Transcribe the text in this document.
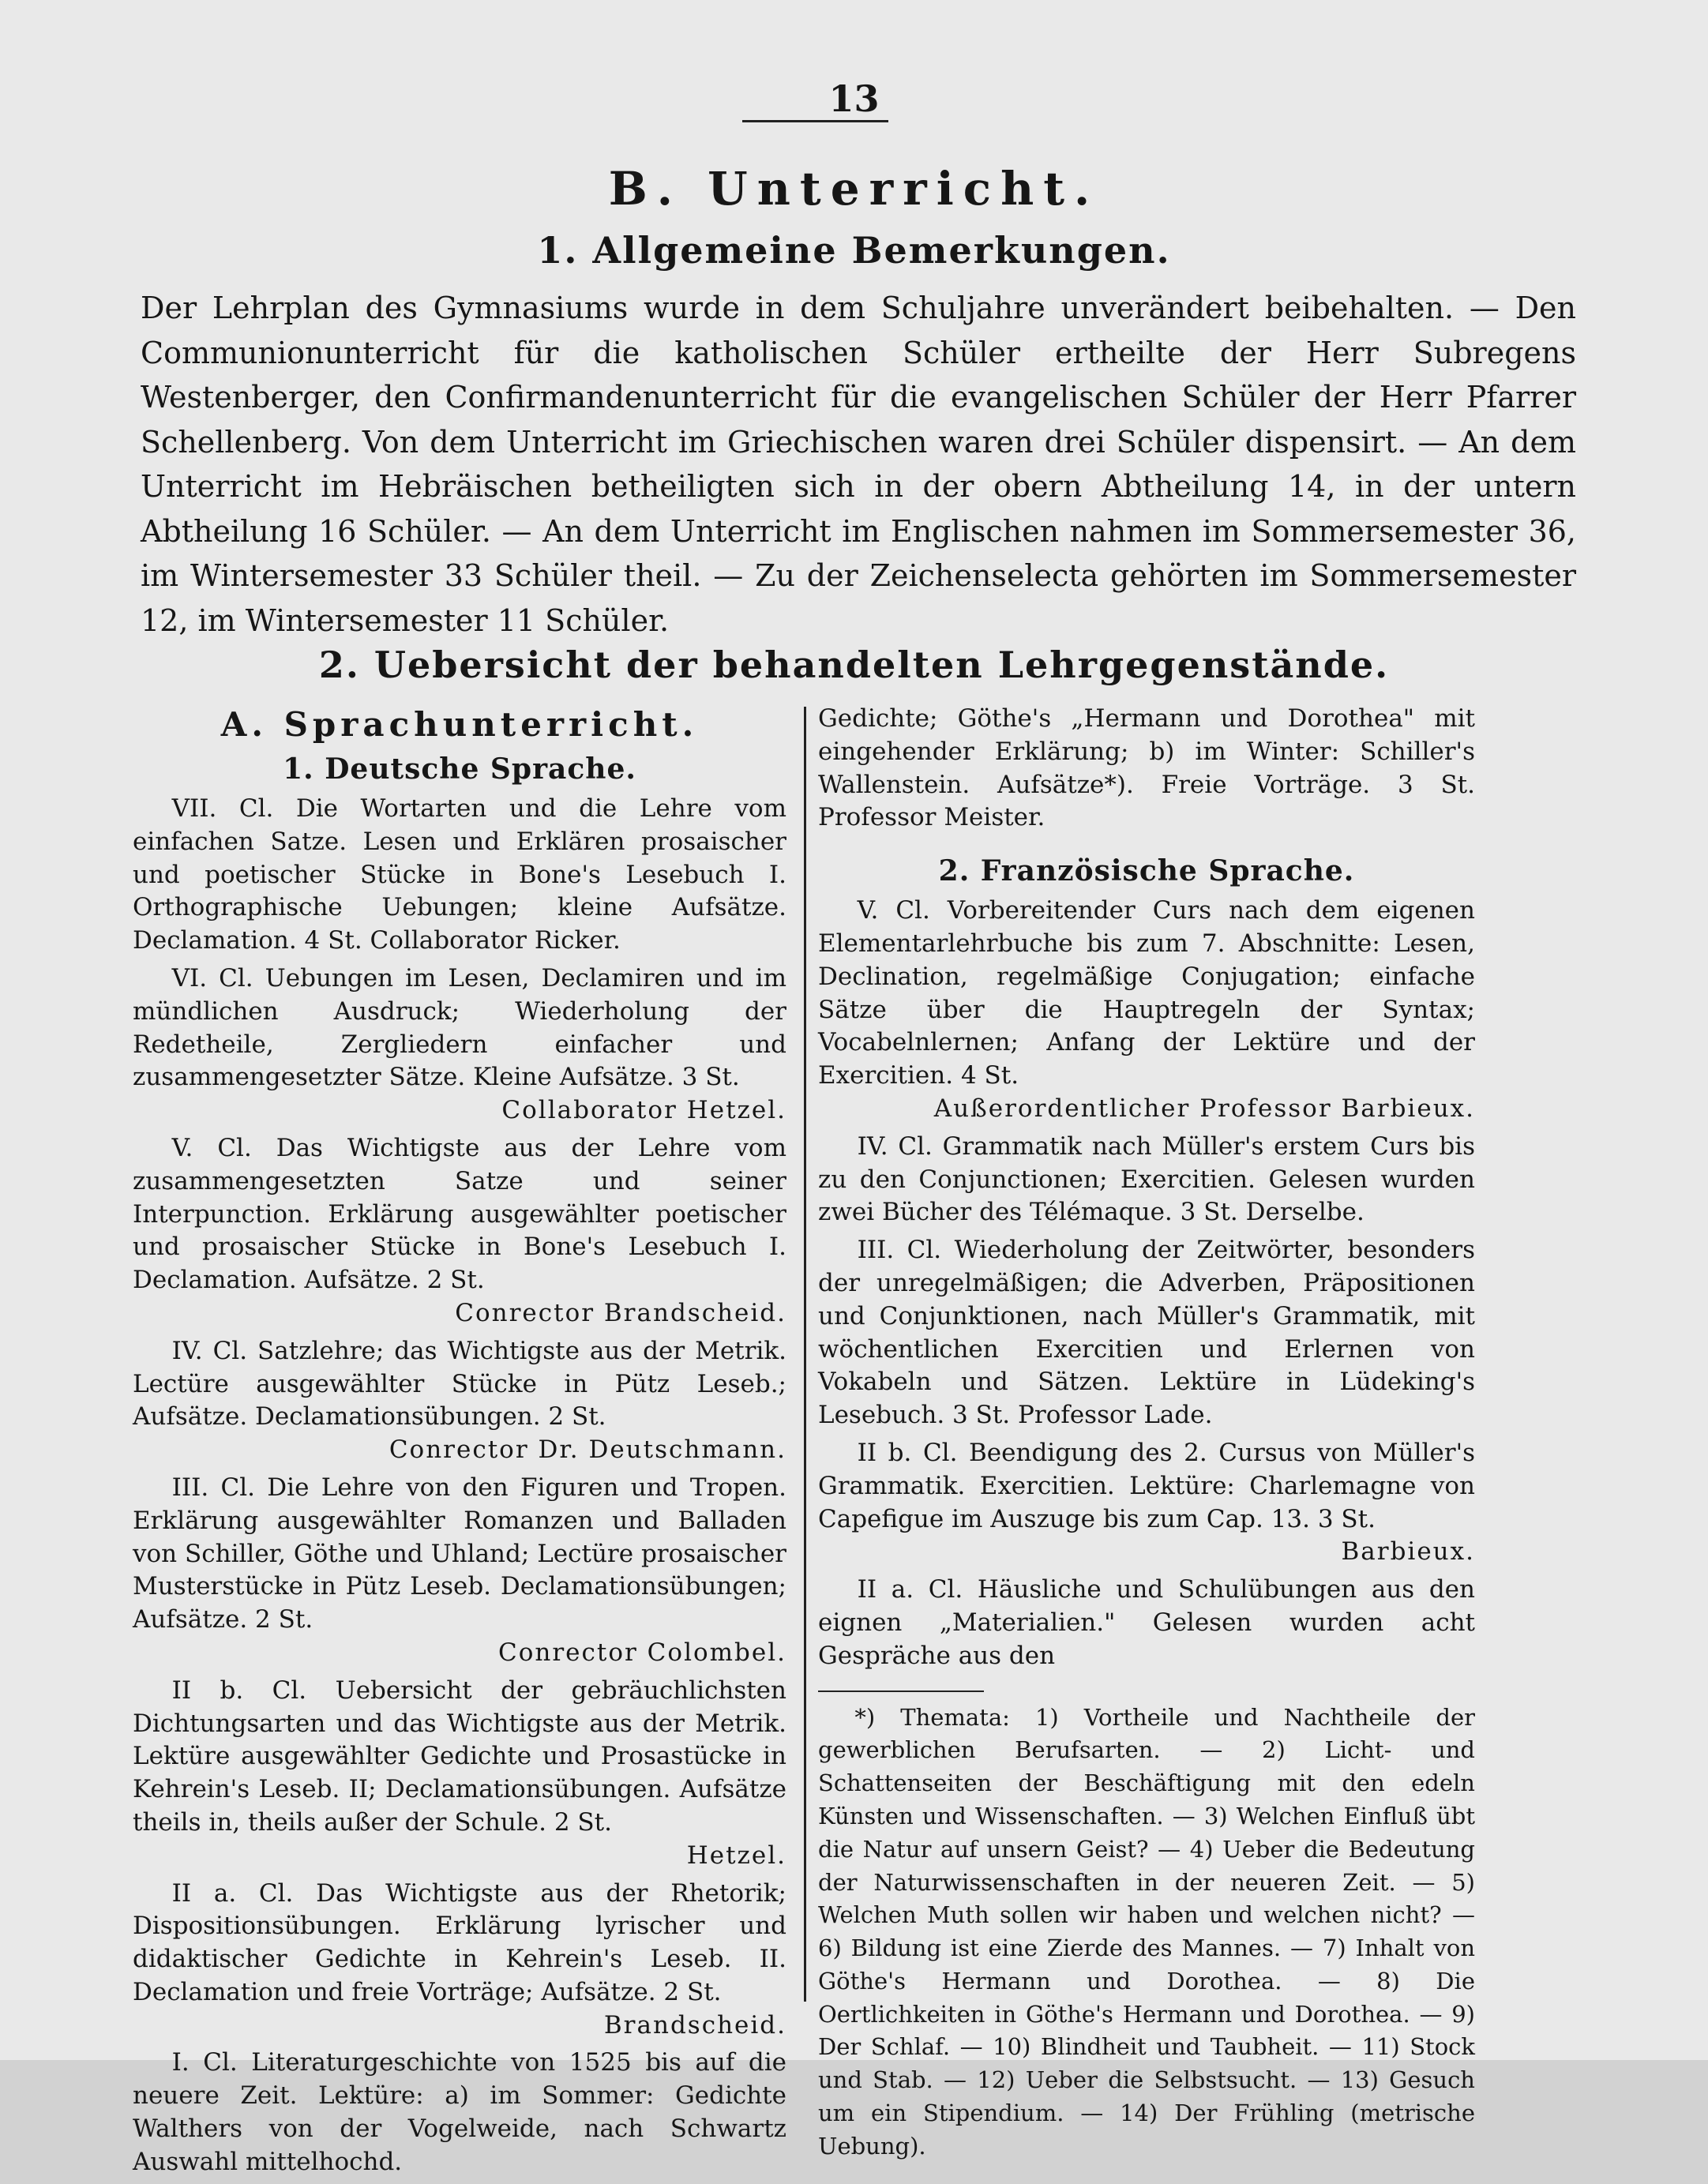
13
B. Unterricht.
1. Allgemeine Bemerkungen.

Der Lehrplan des Gymnasiums wurde in dem Schuljahre unverändert beibehalten. — Den Communionunterricht für die katholischen Schüler ertheilte der Herr Subregens Westenberger, den Confirmandenunterricht für die evangelischen Schüler der Herr Pfarrer Schellenberg. Von dem Unterricht im Griechischen waren drei Schüler dispensirt. — An dem Unterricht im Hebräischen betheiligten sich in der obern Abtheilung 14, in der untern Abtheilung 16 Schüler. — An dem Unterricht im Englischen nahmen im Sommersemester 36, im Wintersemester 33 Schüler theil. — Zu der Zeichenselecta gehörten im Sommersemester 12, im Wintersemester 11 Schüler.

2. Uebersicht der behandelten Lehrgegenstände.
A. Sprachunterricht.
1. Deutsche Sprache.

VII. Cl. Die Wortarten und die Lehre vom einfachen Satze. Lesen und Erklären prosaischer und poetischer Stücke in Bone's Lesebuch I. Orthographische Uebungen; kleine Aufsätze. Declamation. 4 St. Collaborator Ricker.

VI. Cl. Uebungen im Lesen, Declamiren und im mündlichen Ausdruck; Wiederholung der Redetheile, Zergliedern einfacher und zusammengesetzter Sätze. Kleine Aufsätze. 3 St.
Collaborator Hetzel.

V. Cl. Das Wichtigste aus der Lehre vom zusammengesetzten Satze und seiner Interpunction. Erklärung ausgewählter poetischer und prosaischer Stücke in Bone's Lesebuch I. Declamation. Aufsätze. 2 St.
Conrector Brandscheid.

IV. Cl. Satzlehre; das Wichtigste aus der Metrik. Lectüre ausgewählter Stücke in Pütz Leseb.; Aufsätze. Declamationsübungen. 2 St.
Conrector Dr. Deutschmann.

III. Cl. Die Lehre von den Figuren und Tropen. Erklärung ausgewählter Romanzen und Balladen von Schiller, Göthe und Uhland; Lectüre prosaischer Musterstücke in Pütz Leseb. Declamationsübungen; Aufsätze. 2 St.
Conrector Colombel.

II b. Cl. Uebersicht der gebräuchlichsten Dichtungsarten und das Wichtigste aus der Metrik. Lektüre ausgewählter Gedichte und Prosastücke in Kehrein's Leseb. II; Declamationsübungen. Aufsätze theils in, theils außer der Schule. 2 St.
Hetzel.

II a. Cl. Das Wichtigste aus der Rhetorik; Dispositionsübungen. Erklärung lyrischer und didaktischer Gedichte in Kehrein's Leseb. II. Declamation und freie Vorträge; Aufsätze. 2 St.
Brandscheid.

I. Cl. Literaturgeschichte von 1525 bis auf die neuere Zeit. Lektüre: a) im Sommer: Gedichte Walthers von der Vogelweide, nach Schwartz Auswahl mittelhochd.

Gedichte; Göthe's „Hermann und Dorothea" mit eingehender Erklärung; b) im Winter: Schiller's Wallenstein. Aufsätze*). Freie Vorträge. 3 St. Professor Meister.

2. Französische Sprache.

V. Cl. Vorbereitender Curs nach dem eigenen Elementarlehrbuche bis zum 7. Abschnitte: Lesen, Declination, regelmäßige Conjugation; einfache Sätze über die Hauptregeln der Syntax; Vocabelnlernen; Anfang der Lektüre und der Exercitien. 4 St.
Außerordentlicher Professor Barbieux.

IV. Cl. Grammatik nach Müller's erstem Curs bis zu den Conjunctionen; Exercitien. Gelesen wurden zwei Bücher des Télémaque. 3 St. Derselbe.

III. Cl. Wiederholung der Zeitwörter, besonders der unregelmäßigen; die Adverben, Präpositionen und Conjunktionen, nach Müller's Grammatik, mit wöchentlichen Exercitien und Erlernen von Vokabeln und Sätzen. Lektüre in Lüdeking's Lesebuch. 3 St. Professor Lade.

II b. Cl. Beendigung des 2. Cursus von Müller's Grammatik. Exercitien. Lektüre: Charlemagne von Capefigue im Auszuge bis zum Cap. 13. 3 St.
Barbieux.

II a. Cl. Häusliche und Schulübungen aus den eignen „Materialien." Gelesen wurden acht Gespräche aus den

*) Themata: 1) Vortheile und Nachtheile der gewerblichen Berufsarten. — 2) Licht- und Schattenseiten der Beschäftigung mit den edeln Künsten und Wissenschaften. — 3) Welchen Einfluß übt die Natur auf unsern Geist? — 4) Ueber die Bedeutung der Naturwissenschaften in der neueren Zeit. — 5) Welchen Muth sollen wir haben und welchen nicht? — 6) Bildung ist eine Zierde des Mannes. — 7) Inhalt von Göthe's Hermann und Dorothea. — 8) Die Oertlichkeiten in Göthe's Hermann und Dorothea. — 9) Der Schlaf. — 10) Blindheit und Taubheit. — 11) Stock und Stab. — 12) Ueber die Selbstsucht. — 13) Gesuch um ein Stipendium. — 14) Der Frühling (metrische Uebung).
